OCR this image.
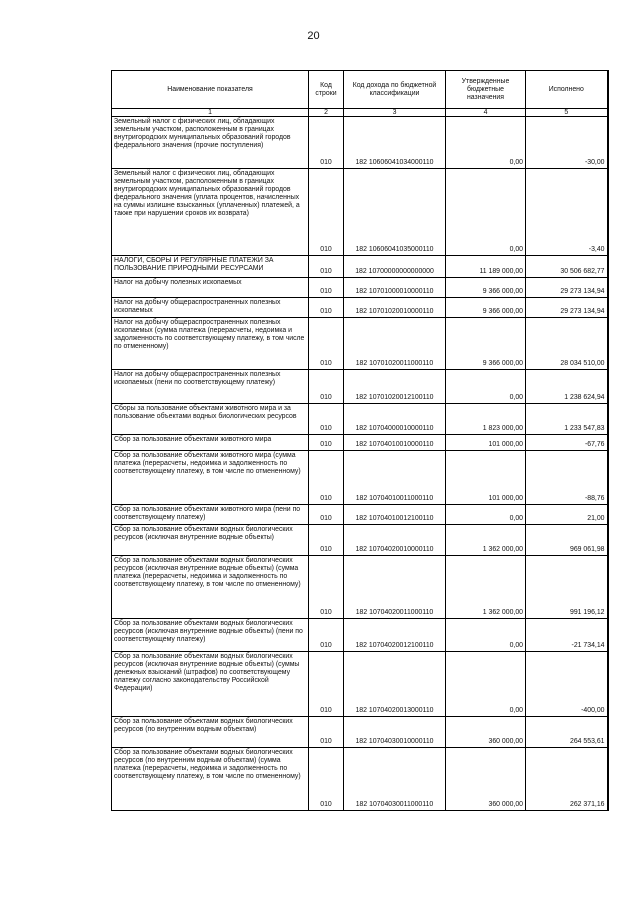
20
Наименование показателя	Код строки	Код дохода по бюджетной классификации	Утвержденные бюджетные назначения	Исполнено
1	2	3	4	5
Земельный налог с физических лиц, обладающих земельным участком, расположенным в границах внутригородских муниципальных образований городов федерального значения (прочие поступления)	010	182 10606041034000110	0,00	-30,00
Земельный налог с физических лиц, обладающих земельным участком, расположенным в границах внутригородских муниципальных образований городов федерального значения (уплата процентов, начисленных на суммы излишне взысканных (уплаченных) платежей, а также при нарушении сроков их возврата)	010	182 10606041035000110	0,00	-3,40
НАЛОГИ, СБОРЫ И РЕГУЛЯРНЫЕ ПЛАТЕЖИ ЗА ПОЛЬЗОВАНИЕ ПРИРОДНЫМИ РЕСУРСАМИ	010	182 10700000000000000	11 189 000,00	30 506 682,77
Налог на добычу полезных ископаемых	010	182 10701000010000110	9 366 000,00	29 273 134,94
Налог на добычу общераспространенных полезных ископаемых	010	182 10701020010000110	9 366 000,00	29 273 134,94
Налог на добычу общераспространенных полезных ископаемых (сумма платежа (перерасчеты, недоимка и задолженность по соответствующему платежу, в том числе по отмененному)	010	182 10701020011000110	9 366 000,00	28 034 510,00
Налог на добычу общераспространенных полезных ископаемых (пени по соответствующему платежу)	010	182 10701020012100110	0,00	1 238 624,94
Сборы за пользование объектами животного мира и за пользование объектами водных биологических ресурсов	010	182 10704000010000110	1 823 000,00	1 233 547,83
Сбор за пользование объектами животного мира	010	182 10704010010000110	101 000,00	-67,76
Сбор за пользование объектами животного мира (сумма платежа (перерасчеты, недоимка и задолженность по соответствующему платежу, в том числе по отмененному)	010	182 10704010011000110	101 000,00	-88,76
Сбор за пользование объектами животного мира (пени по соответствующему платежу)	010	182 10704010012100110	0,00	21,00
Сбор за пользование объектами водных биологических ресурсов (исключая внутренние водные объекты)	010	182 10704020010000110	1 362 000,00	969 061,98
Сбор за пользование объектами водных биологических ресурсов (исключая внутренние водные объекты) (сумма платежа (перерасчеты, недоимка и задолженность по соответствующему платежу, в том числе по отмененному)	010	182 10704020011000110	1 362 000,00	991 196,12
Сбор за пользование объектами водных биологических ресурсов (исключая внутренние водные объекты) (пени по соответствующему платежу)	010	182 10704020012100110	0,00	-21 734,14
Сбор за пользование объектами водных биологических ресурсов (исключая внутренние водные объекты) (суммы денежных взысканий (штрафов) по соответствующему платежу согласно законодательству Российской Федерации)	010	182 10704020013000110	0,00	-400,00
Сбор за пользование объектами водных биологических ресурсов (по внутренним водным объектам)	010	182 10704030010000110	360 000,00	264 553,61
Сбор за пользование объектами водных биологических ресурсов (по внутренним водным объектам) (сумма платежа (перерасчеты, недоимка и задолженность по соответствующему платежу, в том числе по отмененному)	010	182 10704030011000110	360 000,00	262 371,16
